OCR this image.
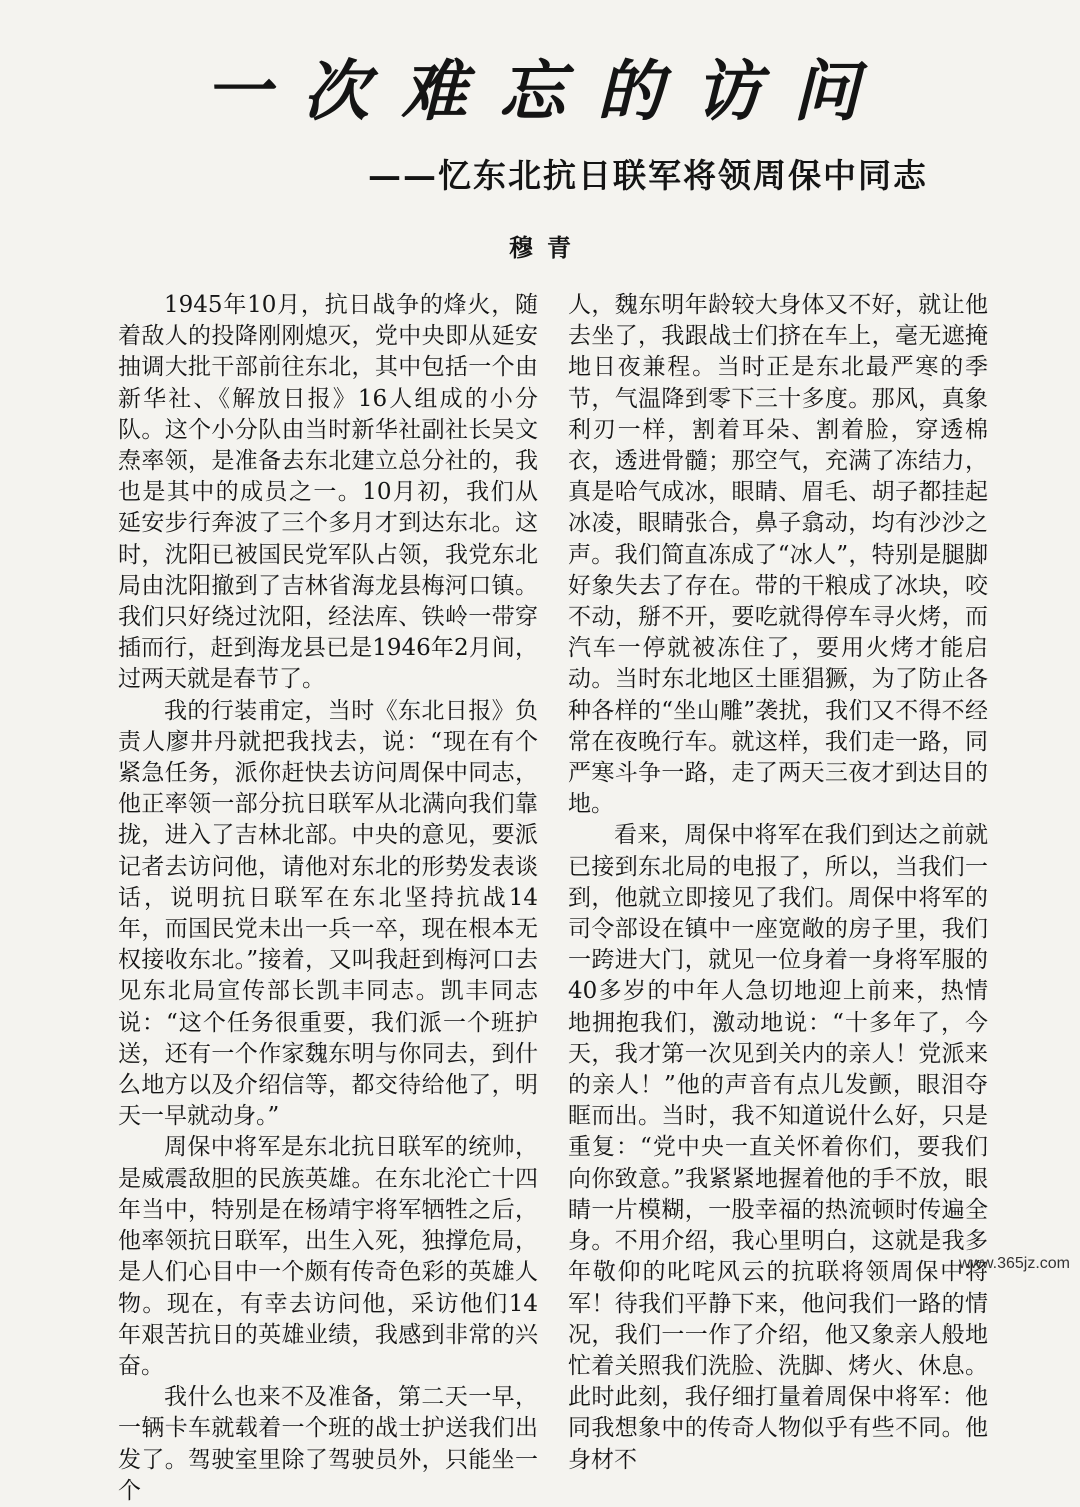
一次难忘的访问
——忆东北抗日联军将领周保中同志
穆青

1945年10月，抗日战争的烽火，随着敌人的投降刚刚熄灭，党中央即从延安抽调大批干部前往东北，其中包括一个由新华社、《解放日报》16人组成的小分队。这个小分队由当时新华社副社长吴文焘率领，是准备去东北建立总分社的，我也是其中的成员之一。10月初，我们从延安步行奔波了三个多月才到达东北。这时，沈阳已被国民党军队占领，我党东北局由沈阳撤到了吉林省海龙县梅河口镇。我们只好绕过沈阳，经法库、铁岭一带穿插而行，赶到海龙县已是1946年2月间，过两天就是春节了。

我的行装甫定，当时《东北日报》负责人廖井丹就把我找去，说：“现在有个紧急任务，派你赶快去访问周保中同志，他正率领一部分抗日联军从北满向我们靠拢，进入了吉林北部。中央的意见，要派记者去访问他，请他对东北的形势发表谈话，说明抗日联军在东北坚持抗战14年，而国民党未出一兵一卒，现在根本无权接收东北。”接着，又叫我赶到梅河口去见东北局宣传部长凯丰同志。凯丰同志说：“这个任务很重要，我们派一个班护送，还有一个作家魏东明与你同去，到什么地方以及介绍信等，都交待给他了，明天一早就动身。”

周保中将军是东北抗日联军的统帅，是威震敌胆的民族英雄。在东北沦亡十四年当中，特别是在杨靖宇将军牺牲之后，他率领抗日联军，出生入死，独撑危局，是人们心目中一个颇有传奇色彩的英雄人物。现在，有幸去访问他，采访他们14年艰苦抗日的英雄业绩，我感到非常的兴奋。

我什么也来不及准备，第二天一早，一辆卡车就载着一个班的战士护送我们出发了。驾驶室里除了驾驶员外，只能坐一个

人，魏东明年龄较大身体又不好，就让他去坐了，我跟战士们挤在车上，毫无遮掩地日夜兼程。当时正是东北最严寒的季节，气温降到零下三十多度。那风，真象利刃一样，割着耳朵、割着脸，穿透棉衣，透进骨髓；那空气，充满了冻结力，真是哈气成冰，眼睛、眉毛、胡子都挂起冰凌，眼睛张合，鼻子翕动，均有沙沙之声。我们简直冻成了“冰人”，特别是腿脚好象失去了存在。带的干粮成了冰块，咬不动，掰不开，要吃就得停车寻火烤，而汽车一停就被冻住了，要用火烤才能启动。当时东北地区土匪猖獗，为了防止各种各样的“坐山雕”袭扰，我们又不得不经常在夜晚行车。就这样，我们走一路，同严寒斗争一路，走了两天三夜才到达目的地。

看来，周保中将军在我们到达之前就已接到东北局的电报了，所以，当我们一到，他就立即接见了我们。周保中将军的司令部设在镇中一座宽敞的房子里，我们一跨进大门，就见一位身着一身将军服的40多岁的中年人急切地迎上前来，热情地拥抱我们，激动地说：“十多年了，今天，我才第一次见到关内的亲人！党派来的亲人！”他的声音有点儿发颤，眼泪夺眶而出。当时，我不知道说什么好，只是重复：“党中央一直关怀着你们，要我们向你致意。”我紧紧地握着他的手不放，眼睛一片模糊，一股幸福的热流顿时传遍全身。不用介绍，我心里明白，这就是我多年敬仰的叱咤风云的抗联将领周保中将军！待我们平静下来，他问我们一路的情况，我们一一作了介绍，他又象亲人般地忙着关照我们洗脸、洗脚、烤火、休息。此时此刻，我仔细打量着周保中将军：他同我想象中的传奇人物似乎有些不同。他身材不

www.365jz.com
